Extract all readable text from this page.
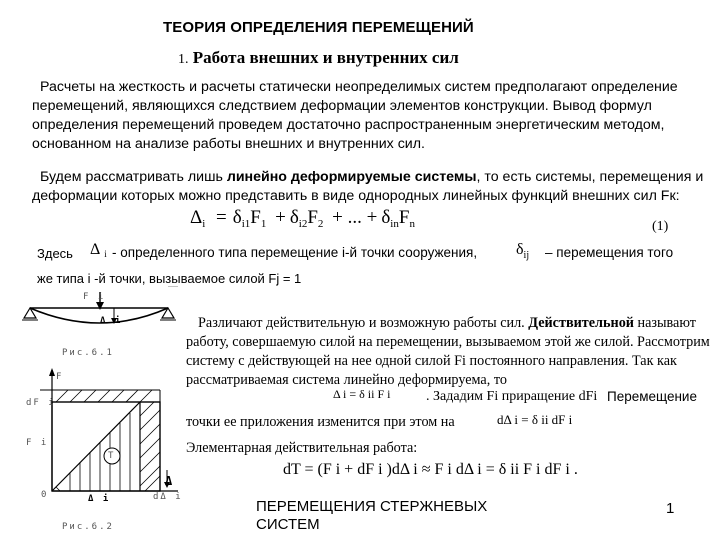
ТЕОРИЯ ОПРЕДЕЛЕНИЯ ПЕРЕМЕЩЕНИЙ
1. Работа внешних и внутренних сил
Расчеты на жесткость и расчеты статически неопределимых систем предполагают определение перемещений, являющихся следствием деформации элементов конструкции. Вывод формул определения перемещений проведем достаточно распространенным энергетическим методом, основанном на анализе работы внешних и внутренних сил.
Будем рассматривать лишь линейно деформируемые системы, то есть системы, перемещения и деформации которых можно представить в виде однородных линейных функций внешних сил Fк:
$\Delta_i = \delta_{i1}F_1 + \delta_{i2}F_2$ + ... + $\delta_{in}F_n$	(1)
Здесь Δi - определенного типа перемещение i-й точки сооружения, $\delta_{ij}$ – перемещения того
же типа i -й точки, вызываемое силой Fj = 1
F i
Δ i
Рис.6.1
F
dF i
F i
0
T
Δ i	dΔ i
Δ
Рис.6.2
Различают действительную и возможную работы сил. Действительной называют работу, совершаемую силой на перемещении, вызываемом этой же силой. Рассмотрим систему с действующей на нее одной силой Fi постоянного направления. Так как рассматриваемая система линейно деформируема, то
Δ i = δ ii F i	. Зададим Fi приращение dFi Перемещение
точки ее приложения изменится при этом на	dΔ i = δ ii dF i
Элементарная действительная работа:
dT = (F i + dF i )dΔ i ≈ F i dΔ i = δ ii F i dF i .
ПЕРЕМЕЩЕНИЯ СТЕРЖНЕВЫХ СИСТЕМ
1
